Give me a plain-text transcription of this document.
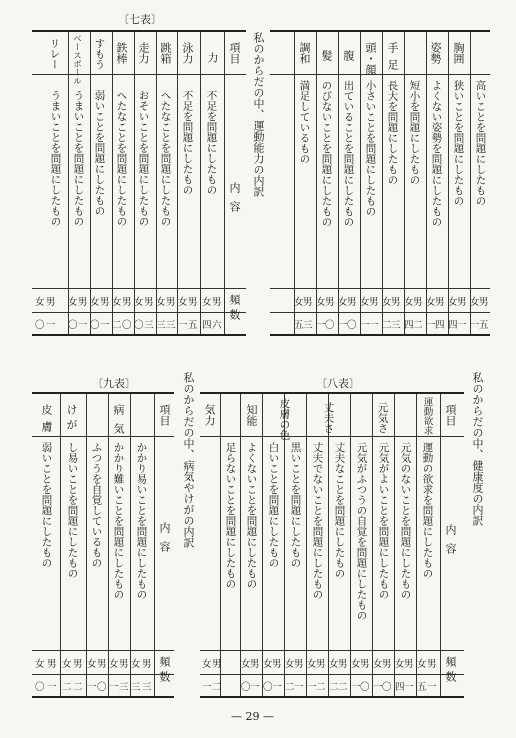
〔七表〕
項目
内容
頻数
力
不足を問題にしたもの
泳力
不足を問題にしたもの
跳箱
へたなことを問題にしたもの
走力
おそいことを問題にしたもの
鉄棒
へたなことを問題にしたもの
すもう
弱いことを問題にしたもの
ベースボール
うまいことを問題にしたもの
リレー
うまいことを問題にしたもの
男
女
男
女
男
女
男
女
男
女
男
女
男
女
男
女
六
四
五
一
三
三
三
〇
〇
二
一
〇
一
〇
一
〇
私のからだの中、運動能力の内訳	胸囲
高いことを問題にしたもの
姿勢
狭いことを問題にしたもの
よくない姿勢を問題にしたもの
手足
短小を問題にしたもの
長大を問題にしたもの
頭・顔
小さいことを問題にしたもの
腹
出ていることを問題にしたもの
髪
のびないことを問題にしたもの
調和
満足しているもの
男
女
男
女
男
女
男
女
男
女
男
女
男
女
男
女
男
女
五
一
一
四
四
一
二
四
三
二
一
一
〇
一
〇
一
三
五
〔九表〕
項目
内容
頻数
病気
かかり易いことを問題にしたもの
かかり難いことを問題にしたもの
ふつうを自覚しているもの
けが
し易いことを問題にしたもの
皮膚
弱いことを問題にしたもの
男
女
男
女
男
女
男
女
男
女
三
三
三
一
〇
一
二
二
一
〇
私のからだの中、病気やけがの内訳	〔八表〕
項目
内容
頻数
運動欲求
運動の欲求を問題にしたもの
元気さ
元気のないことを問題にしたもの
元気がよいことを問題にしたもの
元気がふつうの自覚を問題にしたもの
丈夫さ
丈夫なことを問題にしたもの
丈夫でないことを問題にしたもの
皮膚の色
黒いことを問題にしたもの
白いことを問題にしたもの
知能
よくないことを問題にしたもの
気力
足らないことを問題にしたもの
男
女
男
女
男
女
男
女
男
女
男
女
男
女
男
女
男
女
男
女
一
五
一
四
〇
一
〇
一
二
二
二
一
一
二
一
〇
一
〇
二
一
私のからだの中、健康度の内訳
— 29 —
